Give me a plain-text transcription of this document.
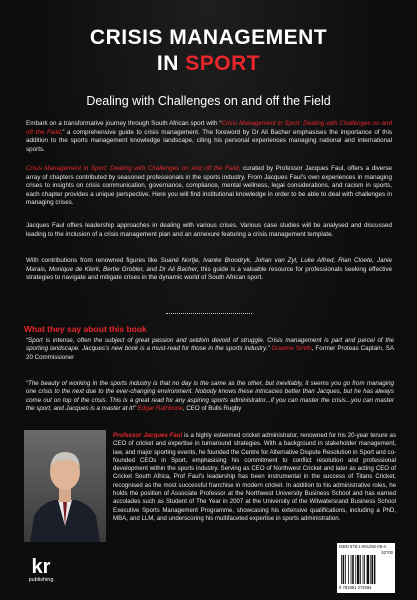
CRISIS MANAGEMENT
IN SPORT
Dealing with Challenges on and off the Field
Embark on a transformative journey through South African sport with “Crisis Management in Sport: Dealing with Challenges on and off the Field,” a comprehensive guide to crisis management. The foreword by Dr Ali Bacher emphasises the importance of this addition to the sports management knowledge landscape, citing his personal experiences managing national and international sports.
Crisis Management in Sport: Dealing with Challenges on and off the Field, curated by Professor Jacques Faul, offers a diverse array of chapters contributed by seasoned professionals in the sports industry. From Jacques Faul’s own experiences in managing crises to insights on crisis communication, governance, compliance, mental wellness, legal considerations, and racism in sports, each chapter provides a unique perspective. Here you will find institutional knowledge in order to be able to deal with challenges in managing crises.
Jacques Faul offers leadership approaches in dealing with various crises. Various case studies will be analysed and discussed leading to the inclusion of a crisis management plan and an annexure featuring a crisis management template.
With contributions from renowned figures like Suané Nortje, Ivanke Broodryk, Johan van Zyl, Luke Alfred, Rian Cloete, Janie Marais, Monique de Klerk, Bertie Grobler, and Dr Ali Bacher, this guide is a valuable resource for professionals seeking effective strategies to navigate and mitigate crises in the dynamic world of South African sport.
What they say about this book
“Sport is intense, often the subject of great passion and seldom devoid of struggle. Crisis management is part and parcel of the sporting landscape. Jacques’s new book is a must-read for those in the sports industry.” Graeme Smith, Former Proteas Captain, SA 20 Commissioner
“The beauty of working in the sports industry is that no day is the same as the other, but inevitably, it seems you go from managing one crisis to the next due to the ever-changing environment. Nobody knows these intricacies better than Jacques, but he has always come out on top of the crisis. This is a great read for any aspiring sports administrator...if you can master the crisis...you can master the sport, and Jacques is a master at it!” Edgar Rathbone, CEO of Bulls Rugby
Professor Jacques Faul is a highly esteemed cricket administrator, renowned for his 20-year tenure as CEO of cricket and expertise in turnaround strategies. With a background in stakeholder management, law, and major sporting events, he founded the Centre for Alternative Dispute Resolution in Sport and co-founded CEOs in Sport, emphasising his commitment to conflict resolution and professional development within the sports industry. Serving as CEO of Northwest Cricket and later as acting CEO of Cricket South Africa, Prof Faul’s leadership has been instrumental in the success of Titans Cricket, recognised as the most successful franchise in modern cricket. In addition to his administrative roles, he holds the position of Associate Professor at the Northwest University Business School and has earned accolades such as Student of The Year in 2007 at the University of the Witwatersrand Business School Executive Sports Management Programme, showcasing his extensive qualifications, including a PhD, MBA, and LLM, and underscoring his multifaceted expertise in sports administration.
kr
publishing
ISBN 978-1-991292-09-4
52700
9 781991 272094
